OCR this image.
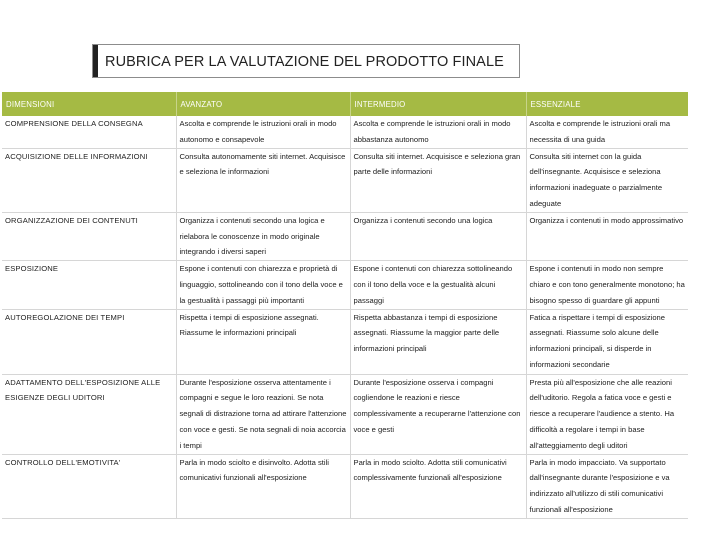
RUBRICA PER LA VALUTAZIONE DEL PRODOTTO FINALE
DIMENSIONI	AVANZATO	INTERMEDIO	ESSENZIALE
COMPRENSIONE DELLA CONSEGNA	Ascolta e comprende le istruzioni orali in modo autonomo e consapevole	Ascolta e comprende le istruzioni orali in modo abbastanza autonomo	Ascolta e comprende le istruzioni orali ma necessita di una guida
ACQUISIZIONE DELLE INFORMAZIONI	Consulta autonomamente siti internet. Acquisisce e seleziona le informazioni	Consulta siti internet. Acquisisce e seleziona gran parte delle informazioni	Consulta siti internet con la guida dell'insegnante. Acquisisce e seleziona informazioni inadeguate o parzialmente adeguate
ORGANIZZAZIONE DEI CONTENUTI	Organizza i contenuti secondo una logica e rielabora le conoscenze in modo originale integrando i diversi saperi	Organizza i contenuti secondo una logica	Organizza i contenuti in modo approssimativo
ESPOSIZIONE	Espone i contenuti con chiarezza e proprietà di linguaggio, sottolineando con il tono della voce e la gestualità i passaggi più importanti	Espone i contenuti con chiarezza sottolineando con il tono della voce e la gestualità alcuni passaggi	Espone i contenuti in modo non sempre chiaro e con tono generalmente monotono; ha bisogno spesso di guardare gli appunti
AUTOREGOLAZIONE DEI TEMPI	Rispetta i tempi di esposizione assegnati. Riassume le informazioni principali	Rispetta abbastanza i tempi di esposizione assegnati. Riassume la maggior parte delle informazioni principali	Fatica a rispettare i tempi di esposizione assegnati. Riassume solo alcune delle informazioni principali, si disperde in informazioni secondarie
ADATTAMENTO DELL'ESPOSIZIONE ALLE ESIGENZE DEGLI UDITORI	Durante l'esposizione osserva attentamente i compagni e segue le loro reazioni. Se nota segnali di distrazione torna ad attirare l'attenzione con voce e gesti. Se nota segnali di noia accorcia i tempi	Durante l'esposizione osserva i compagni cogliendone le reazioni e riesce complessivamente a recuperarne l'attenzione con voce e gesti	Presta più all'esposizione che alle reazioni dell'uditorio. Regola a fatica voce e gesti e riesce a recuperare l'audience a stento. Ha difficoltà a regolare i tempi in base all'atteggiamento degli uditori
CONTROLLO DELL'EMOTIVITA'	Parla in modo sciolto e disinvolto. Adotta stili comunicativi funzionali all'esposizione	Parla in modo sciolto. Adotta stili comunicativi complessivamente funzionali all'esposizione	Parla in modo impacciato. Va supportato dall'insegnante durante l'esposizione e va indirizzato all'utilizzo di stili comunicativi funzionali all'esposizione
